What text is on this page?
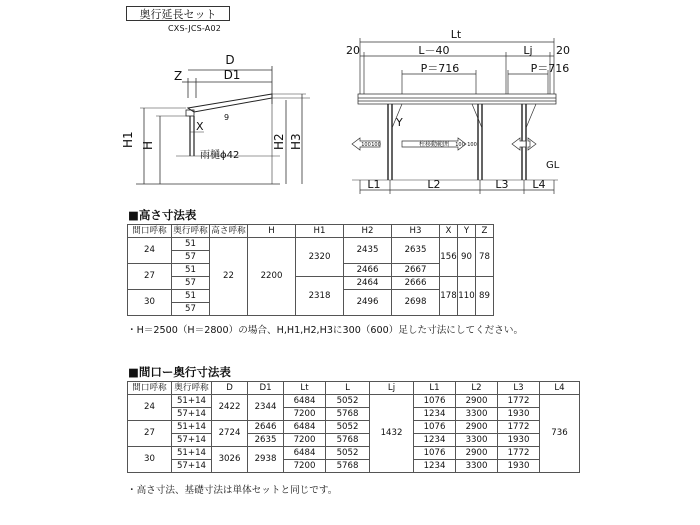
奥行延長セット
CXS-JCS-A02
D
D1
Z
X
9
H1 H	H2 H3
雨樋ϕ42
Lt
20	L－40	Lj 20
P＝716	P＝716
Y
100 100	柱移動範囲 100 100
GL
L1	L2	L3 L4
■高さ寸法表
間口呼称	奥行呼称	高さ呼称	H	H1	H2	H3	X	Y	Z
24	51	22	2200	2320	2435	2635	156	90	78
	57								
27	51				2466	2667			
	57			2318	2464	2666	178	110	89
30	51				2496	2698			
	57								
・H＝2500（H＝2800）の場合、H,H1,H2,H3に300（600）足した寸法にしてください。
■間口ー奥行寸法表
間口呼称	奥行呼称	D	D1	Lt	L	Lj	L1	L2	L3	L4
24	51+14	2422	2344	6484	5052	1432	1076	2900	1772	736
	57+14			7200	5768		1234	3300	1930	
27	51+14	2724	2646	6484	5052		1076	2900	1772	
	57+14		2635	7200	5768		1234	3300	1930	
30	51+14	3026	2938	6484	5052		1076	2900	1772	
	57+14			7200	5768		1234	3300	1930	
・高さ寸法、基礎寸法は単体セットと同じです。
